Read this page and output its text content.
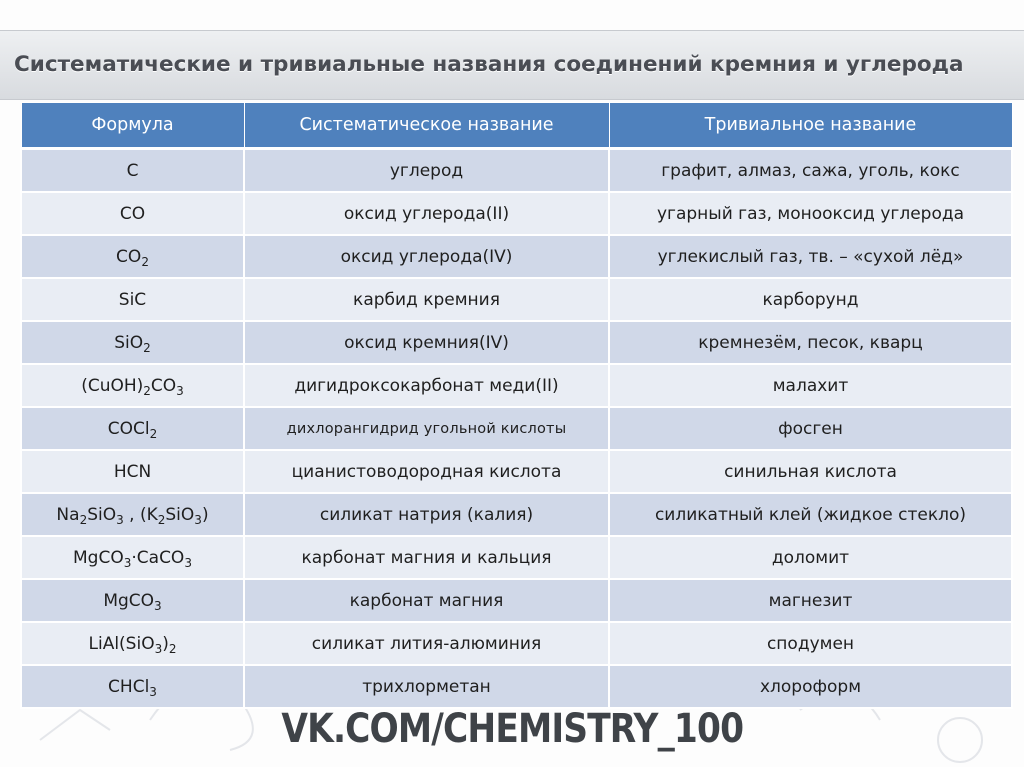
Систематические и тривиальные названия соединений кремния и углерода
Формула	Систематическое название	Тривиальное название
C	углерод	графит, алмаз, сажа, уголь, кокс
CO	оксид углерода(II)	угарный газ, монооксид углерода
$CO_2$	оксид углерода(IV)	углекислый газ, тв. – «сухой лёд»
SiC	карбид кремния	карборунд
SiO$_2$	оксид кремния(IV)	кремнезём, песок, кварц
$(CuOH)_2CO_3$	дигидроксокарбонат меди(II)	малахит
COCl$_2$	дихлорангидрид угольной кислоты	фосген
HCN	цианистоводородная кислота	синильная кислота
$Na_2SiO_3$ , $(K_2SiO_3)$	силикат натрия (калия)	силикатный клей (жидкое стекло)
MgCO$_3$·CaCO$_3$	карбонат магния и кальция	доломит
MgCO$_3$	карбонат магния	магнезит
$LiAl(SiO_3)_2$	силикат лития-алюминия	сподумен
CHCl$_3$	трихлорметан	хлороформ
VK.COM/CHEMISTRY_100
